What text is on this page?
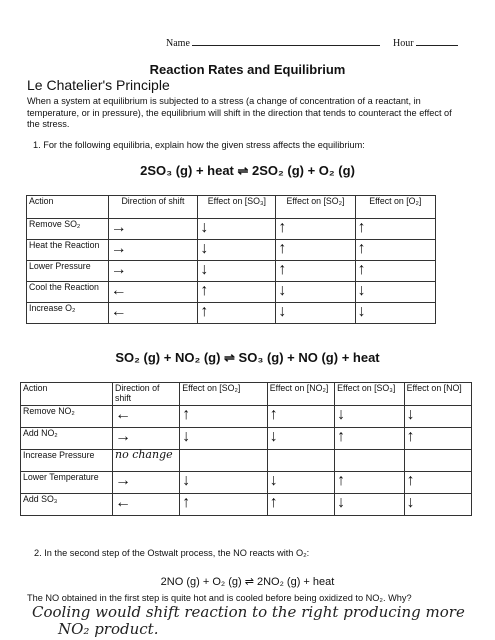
Name	Hour
Reaction Rates and Equilibrium
Le Chatelier's Principle
When a system at equilibrium is subjected to a stress (a change of concentration of a reactant, in temperature, or in pressure), the equilibrium will shift in the direction that tends to counteract the effect of the stress.
1. For the following equilibria, explain how the given stress affects the equilibrium:
2SO₃ (g) + heat ⇌ 2SO₂ (g) + O₂ (g)
Action	Direction of shift	Effect on [SO₃]	Effect on [SO₂]	Effect on [O₂]
Remove SO₂	→	↓	↑	↑
Heat the Reaction	→	↓	↑	↑
Lower Pressure	→	↓	↑	↑
Cool the Reaction	←	↑	↓	↓
Increase O₂	←	↑	↓	↓
SO₂ (g) + NO₂ (g) ⇌ SO₃ (g) + NO (g) + heat
Action	Direction of shift	Effect on [SO₂]	Effect on [NO₂]	Effect on [SO₃]	Effect on [NO]
Remove NO₂	←	↑	↑	↓	↓
Add NO₂	→	↓	↓	↑	↑
Increase Pressure	no change				
Lower Temperature	→	↓	↓	↑	↑
Add SO₃	←	↑	↑	↓	↓
2. In the second step of the Ostwalt process, the NO reacts with O₂:
2NO (g) + O₂ (g) ⇌ 2NO₂ (g) + heat
The NO obtained in the first step is quite hot and is cooled before being oxidized to NO₂. Why?
Cooling would shift reaction to the right producing more
NO₂ product.
